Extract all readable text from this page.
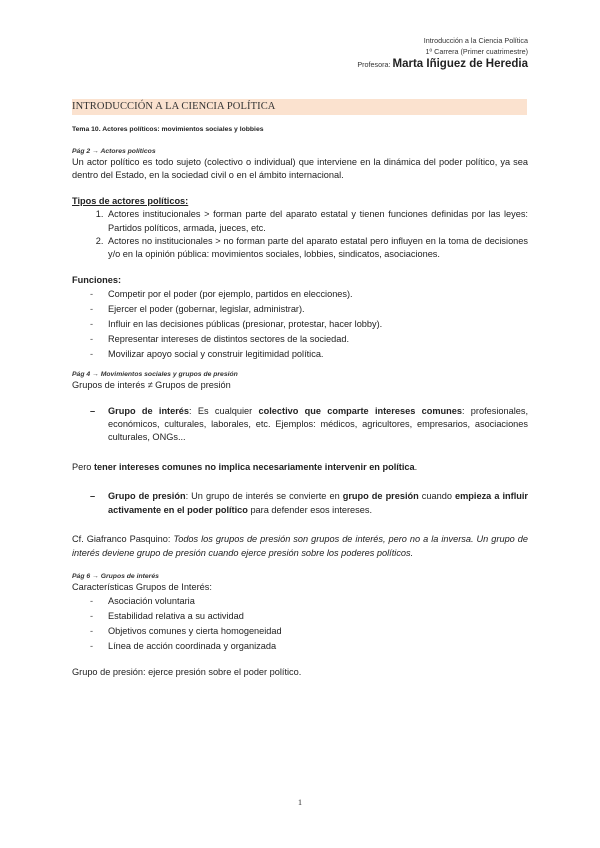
Introducción a la Ciencia Política
1º Carrera (Primer cuatrimestre)
Profesora: Marta Iñiguez de Heredia
INTRODUCCIÓN A LA CIENCIA POLÍTICA
Tema 10. Actores políticos: movimientos sociales y lobbies
Pág 2 → Actores políticos

Un actor político es todo sujeto (colectivo o individual) que interviene en la dinámica del poder político, ya sea dentro del Estado, en la sociedad civil o en el ámbito internacional.

Tipos de actores políticos:
1. Actores institucionales > forman parte del aparato estatal y tienen funciones definidas por las leyes: Partidos políticos, armada, jueces, etc.
2. Actores no institucionales > no forman parte del aparato estatal pero influyen en la toma de decisiones y/o en la opinión pública: movimientos sociales, lobbies, sindicatos, asociaciones.
Funciones:
- Competir por el poder (por ejemplo, partidos en elecciones).
- Ejercer el poder (gobernar, legislar, administrar).
- Influir en las decisiones públicas (presionar, protestar, hacer lobby).
- Representar intereses de distintos sectores de la sociedad.
- Movilizar apoyo social y construir legitimidad política.
Pág 4 → Movimientos sociales y grupos de presión

Grupos de interés ≠ Grupos de presión

– Grupo de interés: Es cualquier colectivo que comparte intereses comunes: profesionales, económicos, culturales, laborales, etc. Ejemplos: médicos, agricultores, empresarios, asociaciones culturales, ONGs...

Pero tener intereses comunes no implica necesariamente intervenir en política.

– Grupo de presión: Un grupo de interés se convierte en grupo de presión cuando empieza a influir activamente en el poder político para defender esos intereses.

Cf. Giafranco Pasquino: Todos los grupos de presión son grupos de interés, pero no a la inversa. Un grupo de interés deviene grupo de presión cuando ejerce presión sobre los poderes políticos.

Pág 6 → Grupos de interés

Características Grupos de Interés:

- Asociación voluntaria
- Estabilidad relativa a su actividad
- Objetivos comunes y cierta homogeneidad
- Línea de acción coordinada y organizada

Grupo de presión: ejerce presión sobre el poder político.

1
